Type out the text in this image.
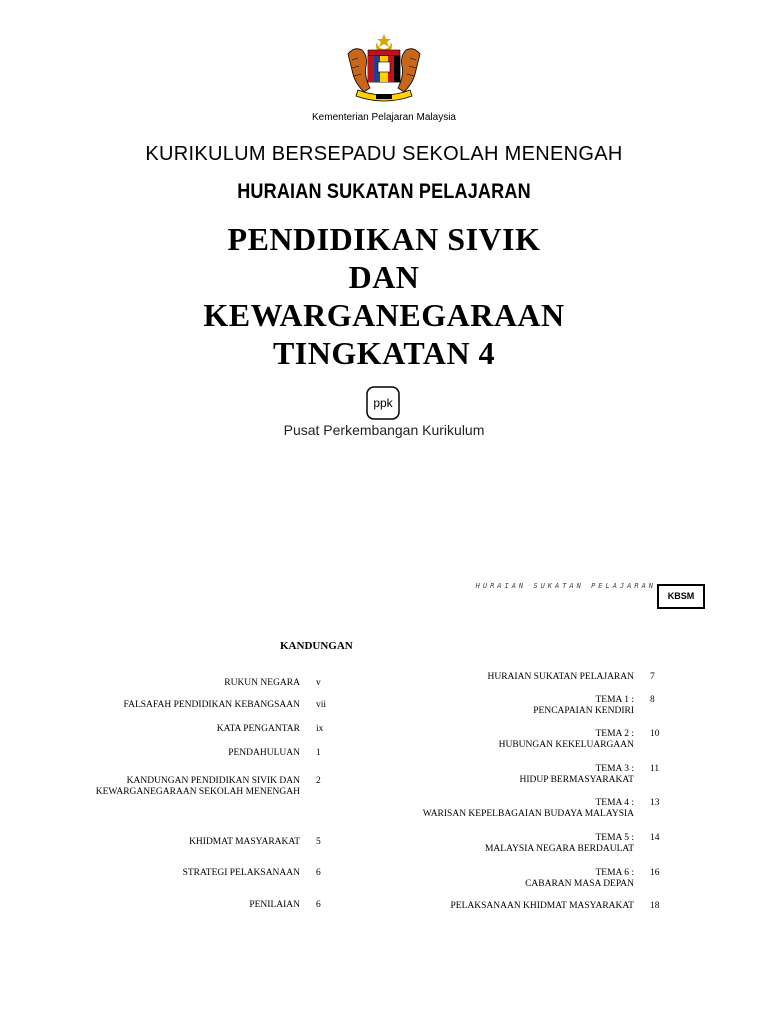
Kementerian Pelajaran Malaysia
KURIKULUM BERSEPADU SEKOLAH MENENGAH
HURAIAN SUKATAN PELAJARAN
PENDIDIKAN SIVIK
DAN
KEWARGANEGARAAN
TINGKATAN 4
ppk
Pusat Perkembangan Kurikulum
HURAIAN SUKATAN PELAJARAN
KBSM
KANDUNGAN
RUKUN NEGARA v
FALSAFAH PENDIDIKAN KEBANGSAAN vii
KATA PENGANTAR ix
PENDAHULUAN 1
KANDUNGAN PENDIDIKAN SIVIK DAN
KEWARGANEGARAAN SEKOLAH MENENGAH
2
KHIDMAT MASYARAKAT 5
STRATEGI PELAKSANAAN 6
PENILAIAN 6
HURAIAN SUKATAN PELAJARAN 7
TEMA 1 :
PENCAPAIAN KENDIRI
8
TEMA 2 :
HUBUNGAN KEKELUARGAAN
10
TEMA 3 :
HIDUP BERMASYARAKAT
11
TEMA 4 :
WARISAN KEPELBAGAIAN BUDAYA MALAYSIA
13
TEMA 5 :
MALAYSIA NEGARA BERDAULAT
14
TEMA 6 :
CABARAN MASA DEPAN
16
PELAKSANAAN KHIDMAT MASYARAKAT 18
